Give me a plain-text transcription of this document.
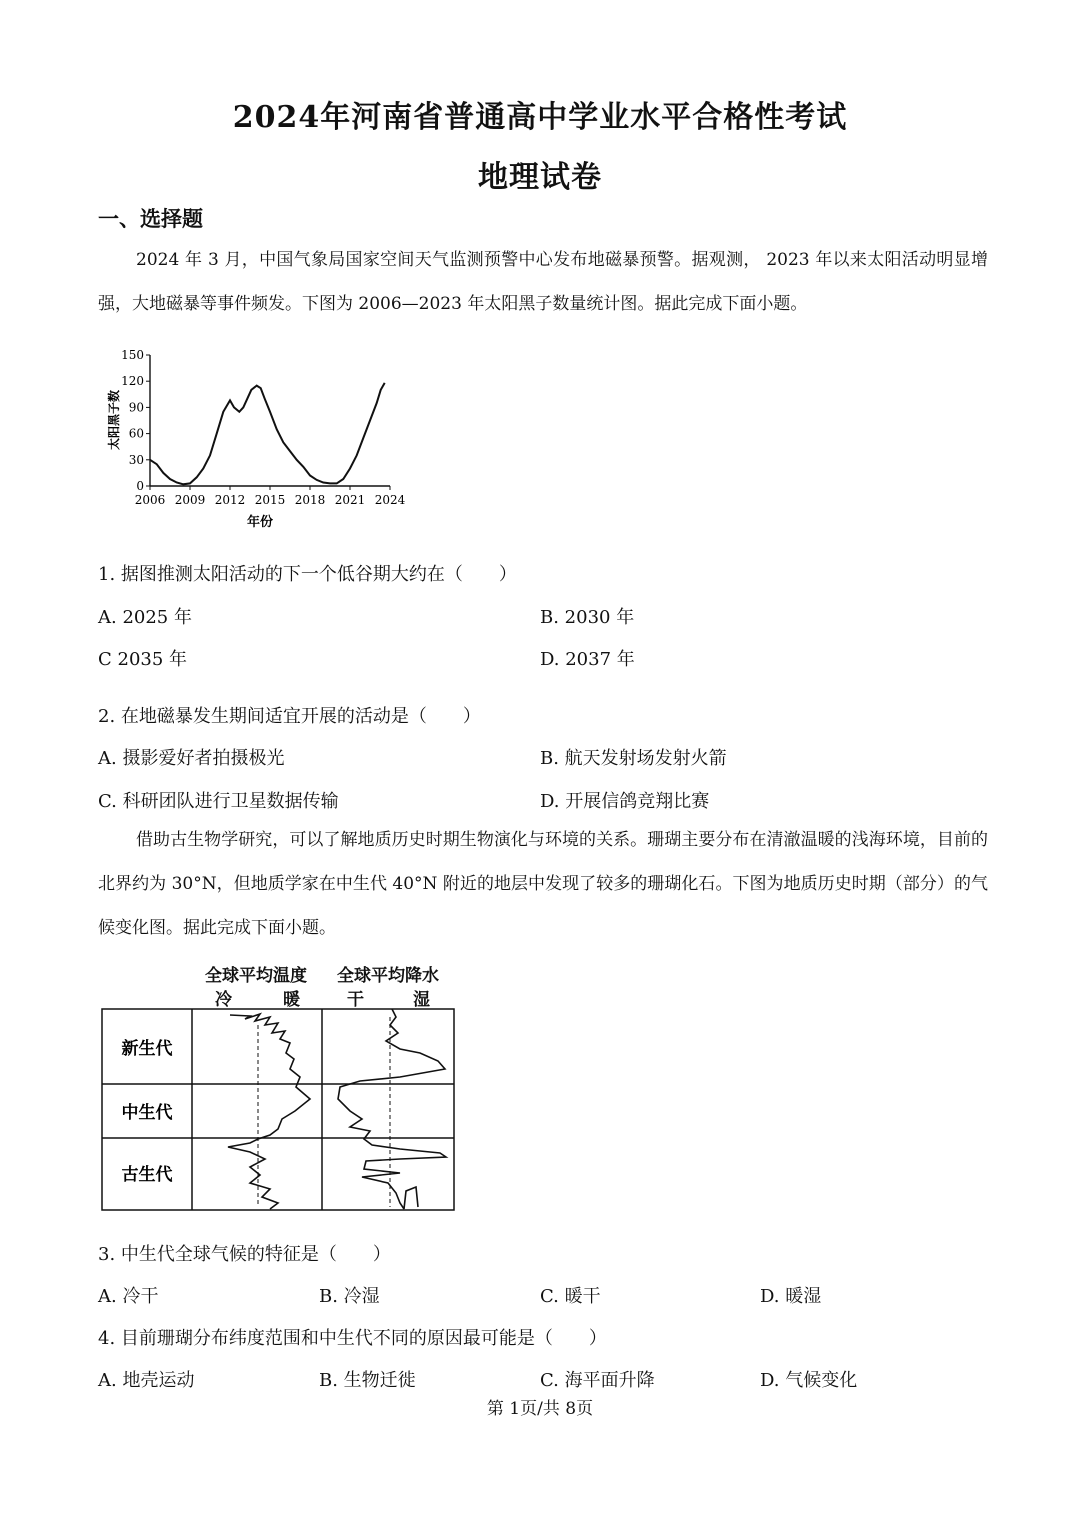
2024年河南省普通高中学业水平合格性考试
地理试卷
一、选择题
2024 年 3 月，中国气象局国家空间天气监测预警中心发布地磁暴预警。据观测， 2023 年以来太阳活动明显增强，大地磁暴等事件频发。下图为 2006—2023 年太阳黑子数量统计图。据此完成下面小题。
2006 2009 2012 2015 2018 2021 2024
0
30
60
90
120
150
年份
太阳黑子数
1. 据图推测太阳活动的下一个低谷期大约在（　　）
A. 2025 年	B. 2030 年
C 2035 年	D. 2037 年
2. 在地磁暴发生期间适宜开展的活动是（　　）
A. 摄影爱好者拍摄极光	B. 航天发射场发射火箭
C. 科研团队进行卫星数据传输	D. 开展信鸽竞翔比赛
借助古生物学研究，可以了解地质历史时期生物演化与环境的关系。珊瑚主要分布在清澈温暖的浅海环境，目前的北界约为 30°N，但地质学家在中生代 40°N 附近的地层中发现了较多的珊瑚化石。下图为地质历史时期（部分）的气候变化图。据此完成下面小题。
全球平均温度
冷	暖
全球平均降水
干	湿
新生代
中生代
古生代
3. 中生代全球气候的特征是（　　）
A. 冷干	B. 冷湿	C. 暖干	D. 暖湿
4. 目前珊瑚分布纬度范围和中生代不同的原因最可能是（　　）
A. 地壳运动	B. 生物迁徙	C. 海平面升降	D. 气候变化
第 1页/共 8页
